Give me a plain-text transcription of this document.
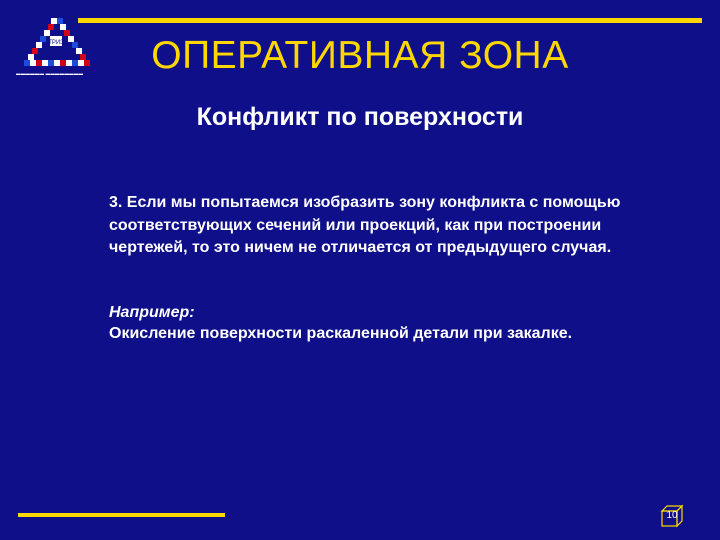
ТРИЗ
▬▬▬▬▬▬ ▬▬▬▬▬▬▬▬	ОПЕРАТИВНАЯ ЗОНА
Конфликт по поверхности

3. Если мы попытаемся изобразить зону конфликта с помощью соответствующих сечений или проекций, как при построении чертежей, то это ничем не отличается от предыдущего случая.

Например:
Окисление поверхности раскаленной детали при закалке.
10
